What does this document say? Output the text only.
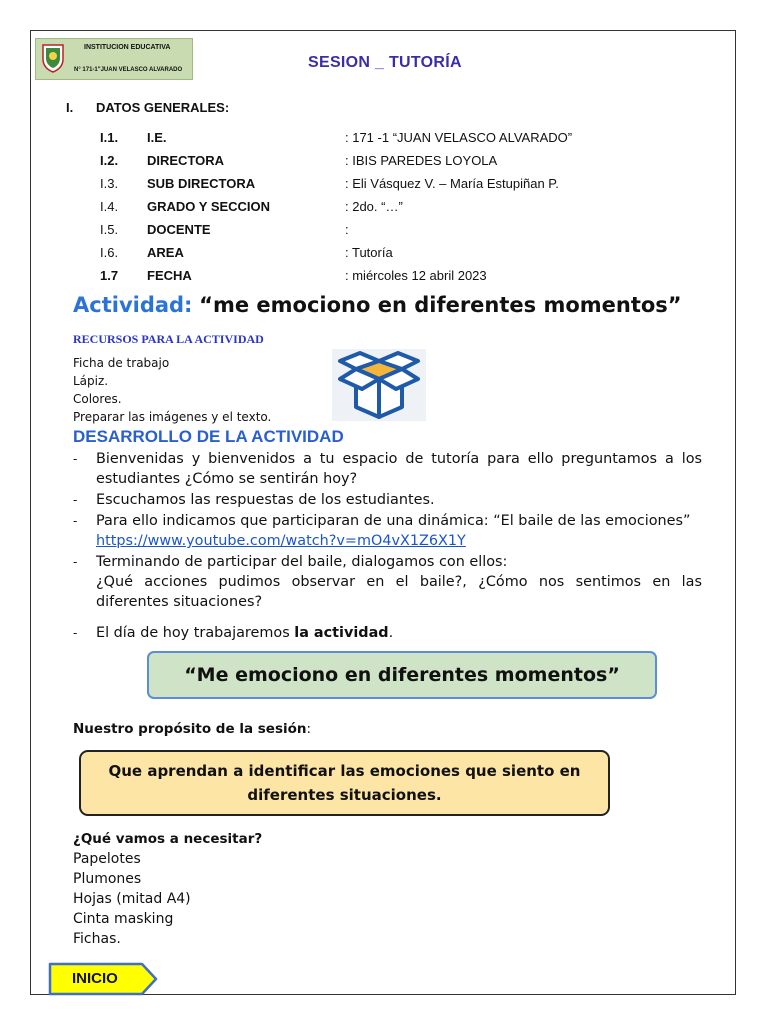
INSTITUCION EDUCATIVA
N° 171-1"JUAN VELASCO ALVARADO	SESION _ TUTORÍA
I. DATOS GENERALES:
I.1. I.E.	: 171 -1 “JUAN VELASCO ALVARADO”
I.2. DIRECTORA	: IBIS PAREDES LOYOLA
I.3. SUB DIRECTORA	: Eli Vásquez V. – María Estupiñan P.
I.4. GRADO Y SECCION	: 2do. “…”
I.5. DOCENTE	:
I.6. AREA	: Tutoría
1.7 FECHA	: miércoles 12 abril 2023
Actividad: “me emociono en diferentes momentos”
RECURSOS PARA LA ACTIVIDAD
Ficha de trabajo
Lápiz.
Colores.
Preparar las imágenes y el texto.
DESARROLLO DE LA ACTIVIDAD
- Bienvenidas y bienvenidos a tu espacio de tutoría para ello preguntamos a los
estudiantes ¿Cómo se sentirán hoy?
- Escuchamos las respuestas de los estudiantes.
- Para ello indicamos que participaran de una dinámica: “El baile de las emociones”
https://www.youtube.com/watch?v=mO4vX1Z6X1Y
- Terminando de participar del baile, dialogamos con ellos:
¿Qué acciones pudimos observar en el baile?, ¿Cómo nos sentimos en las
diferentes situaciones?
- El día de hoy trabajaremos la actividad.
“Me emociono en diferentes momentos”
Nuestro propósito de la sesión:
Que aprendan a identificar las emociones que siento en
diferentes situaciones.
¿Qué vamos a necesitar?
Papelotes
Plumones
Hojas (mitad A4)
Cinta masking
Fichas.
INICIO
